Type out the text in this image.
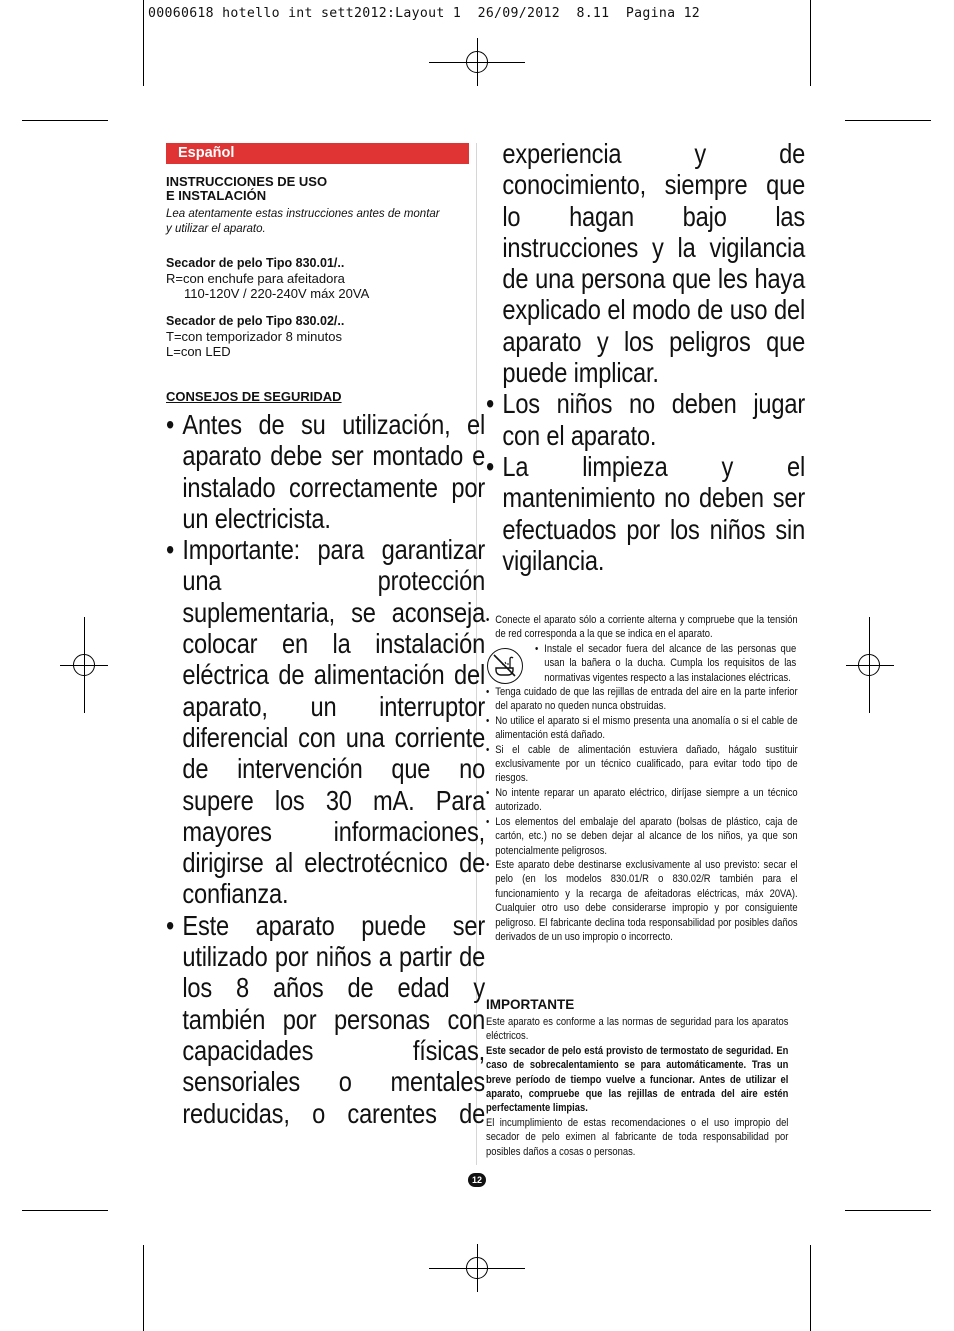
00060618 hotello int sett2012:Layout 1  26/09/2012  8.11  Pagina 12
Español
INSTRUCCIONES DE USO
E INSTALACIÓN
Lea atentamente estas instrucciones antes de montar
y utilizar el aparato.
Secador de pelo Tipo 830.01/..
R=con enchufe para afeitadora
110-120V / 220-240V máx 20VA
Secador de pelo Tipo 830.02/..
T=con temporizador 8 minutos
L=con LED
CONSEJOS DE SEGURIDAD
• Antes de su utilización, el aparato debe ser montado e instalado correctamente por un electricista.
• Importante: para garantizar una protección suplementaria, se aconseja colocar en la instalación eléctrica de alimentación del aparato, un interruptor diferencial con una corriente de intervención que no supere los 30 mA. Para mayores informaciones, dirigirse al electrotécnico de confianza.
• Este aparato puede ser utilizado por niños a partir de los 8 años de edad y también por personas con capacidades físicas, sensoriales o mentales reducidas, o carentes de
experiencia y de conocimiento, siempre que lo hagan bajo las instrucciones y la vigilancia de una persona que les haya explicado el modo de uso del aparato y los peligros que puede implicar.
• Los niños no deben jugar con el aparato.
• La limpieza y el mantenimiento no deben ser efectuados por los niños sin vigilancia.
• Conecte el aparato sólo a corriente alterna y compruebe que la tensión de red corresponda a la que se indica en el aparato.
• Instale el secador fuera del alcance de las personas que usan la bañera o la ducha. Cumpla los requisitos de las normativas vigentes respecto a las instalaciones eléctricas.
• Tenga cuidado de que las rejillas de entrada del aire en la parte inferior del aparato no queden nunca obstruidas.
• No utilice el aparato si el mismo presenta una anomalía o si el cable de alimentación está dañado.
• Si el cable de alimentación estuviera dañado, hágalo sustituir exclusivamente por un técnico cualificado, para evitar todo tipo de riesgos.
• No intente reparar un aparato eléctrico, diríjase siempre a un técnico autorizado.
• Los elementos del embalaje del aparato (bolsas de plástico, caja de cartón, etc.) no se deben dejar al alcance de los niños, ya que son potencialmente peligrosos.
• Este aparato debe destinarse exclusivamente al uso previsto: secar el pelo (en los modelos 830.01/R o 830.02/R también para el funcionamiento y la recarga de afeitadoras eléctricas, máx 20VA). Cualquier otro uso debe considerarse impropio y por consiguiente peligroso. El fabricante declina toda responsabilidad por posibles daños derivados de un uso impropio o incorrecto.
IMPORTANTE
Este aparato es conforme a las normas de seguridad para los aparatos eléctricos.
Este secador de pelo está provisto de termostato de seguridad. En caso de sobrecalentamiento se para automáticamente. Tras un breve período de tiempo vuelve a funcionar. Antes de utilizar el aparato, compruebe que las rejillas de entrada del aire estén perfectamente limpias.
El incumplimiento de estas recomendaciones o el uso impropio del secador de pelo eximen al fabricante de toda responsabilidad por posibles daños a cosas o personas.
12
